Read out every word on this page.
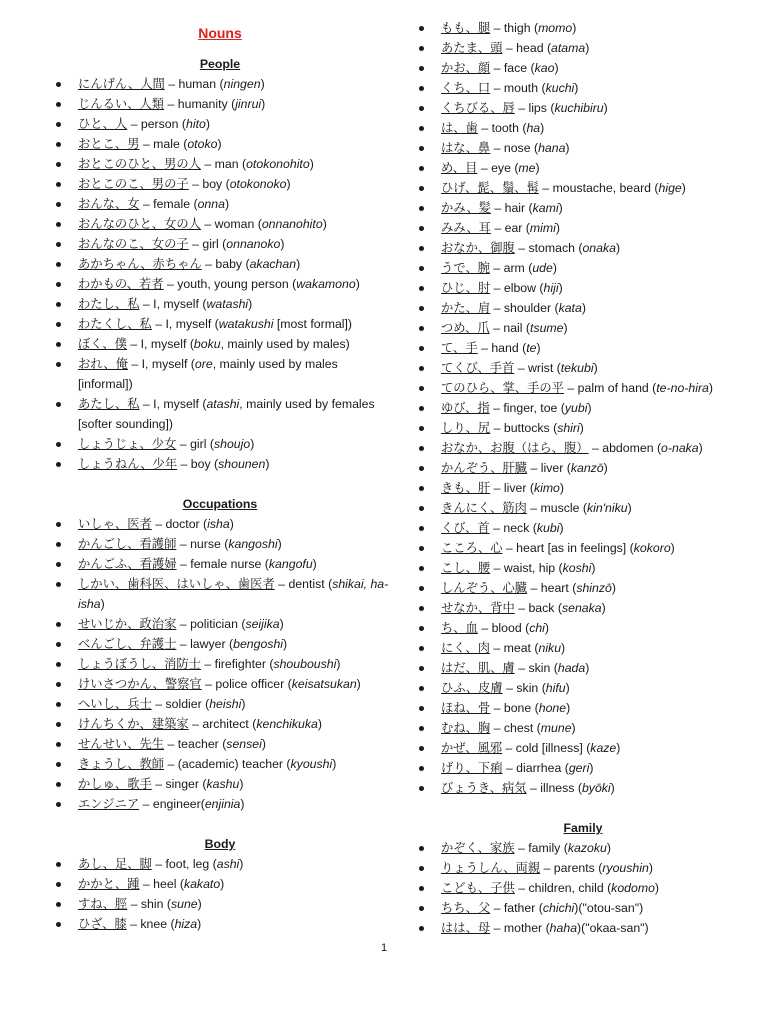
Nouns
People
にんげん、人間 – human (ningen)
じんるい、人類 – humanity (jinrui)
ひと、人 – person (hito)
おとこ、男 – male (otoko)
おとこのひと、男の人 – man (otokonohito)
おとこのこ、男の子 – boy (otokonoko)
おんな、女 – female (onna)
おんなのひと、女の人 – woman (onnanohito)
おんなのこ、女の子 – girl (onnanoko)
あかちゃん、赤ちゃん – baby (akachan)
わかもの、若者 – youth, young person (wakamono)
わたし、私 – I, myself (watashi)
わたくし、私 – I, myself (watakushi [most formal])
ぼく、僕 – I, myself (boku, mainly used by males)
おれ、俺 – I, myself (ore, mainly used by males [informal])
あたし、私 – I, myself (atashi, mainly used by females [softer sounding])
しょうじょ、少女 – girl (shoujo)
しょうねん、少年 – boy (shounen)
Occupations
いしゃ、医者 – doctor (isha)
かんごし、看護師 – nurse (kangoshi)
かんごふ、看護婦 – female nurse (kangofu)
しかい、歯科医、はいしゃ、歯医者 – dentist (shikai, ha-isha)
せいじか、政治家 – politician (seijika)
べんごし、弁護士 – lawyer (bengoshi)
しょうぼうし、消防士 – firefighter (shouboushi)
けいさつかん、警察官 – police officer (keisatsukan)
へいし、兵士 – soldier (heishi)
けんちくか、建築家 – architect (kenchikuka)
せんせい、先生 – teacher (sensei)
きょうし、教師 – (academic) teacher (kyoushi)
かしゅ、歌手 – singer (kashu)
エンジニア – engineer(enjinia)
Body
あし、足、脚 – foot, leg (ashi)
かかと、踵 – heel (kakato)
すね、脛 – shin (sune)
ひざ、膝 – knee (hiza)
もも、腿 – thigh (momo)
あたま、頭 – head (atama)
かお、顔 – face (kao)
くち、口 – mouth (kuchi)
くちびる、唇 – lips (kuchibiru)
は、歯 – tooth (ha)
はな、鼻 – nose (hana)
め、目 – eye (me)
ひげ、髭、鬚、髯 – moustache, beard (hige)
かみ、髪 – hair (kami)
みみ、耳 – ear (mimi)
おなか、御腹 – stomach (onaka)
うで、腕 – arm (ude)
ひじ、肘 – elbow (hiji)
かた、肩 – shoulder (kata)
つめ、爪 – nail (tsume)
て、手 – hand (te)
てくび、手首 – wrist (tekubi)
てのひら、掌、手の平 – palm of hand (te-no-hira)
ゆび、指 – finger, toe (yubi)
しり、尻 – buttocks (shiri)
おなか、お腹（はら、腹） – abdomen (o-naka)
かんぞう、肝臓 – liver (kanzō)
きも、肝 – liver (kimo)
きんにく、筋肉 – muscle (kin'niku)
くび、首 – neck (kubi)
こころ、心 – heart [as in feelings] (kokoro)
こし、腰 – waist, hip (koshi)
しんぞう、心臓 – heart (shinzō)
せなか、背中 – back (senaka)
ち、血 – blood (chi)
にく、肉 – meat (niku)
はだ、肌、膚 – skin (hada)
ひふ、皮膚 – skin (hifu)
ほね、骨 – bone (hone)
むね、胸 – chest (mune)
かぜ、風邪 – cold [illness] (kaze)
げり、下痢 – diarrhea (geri)
びょうき、病気 – illness (byōki)
Family
かぞく、家族 – family (kazoku)
りょうしん、両親 – parents (ryoushin)
こども、子供 – children, child (kodomo)
ちち、父 – father (chichi)("otou-san")
はは、母 – mother (haha)("okaa-san")
1
